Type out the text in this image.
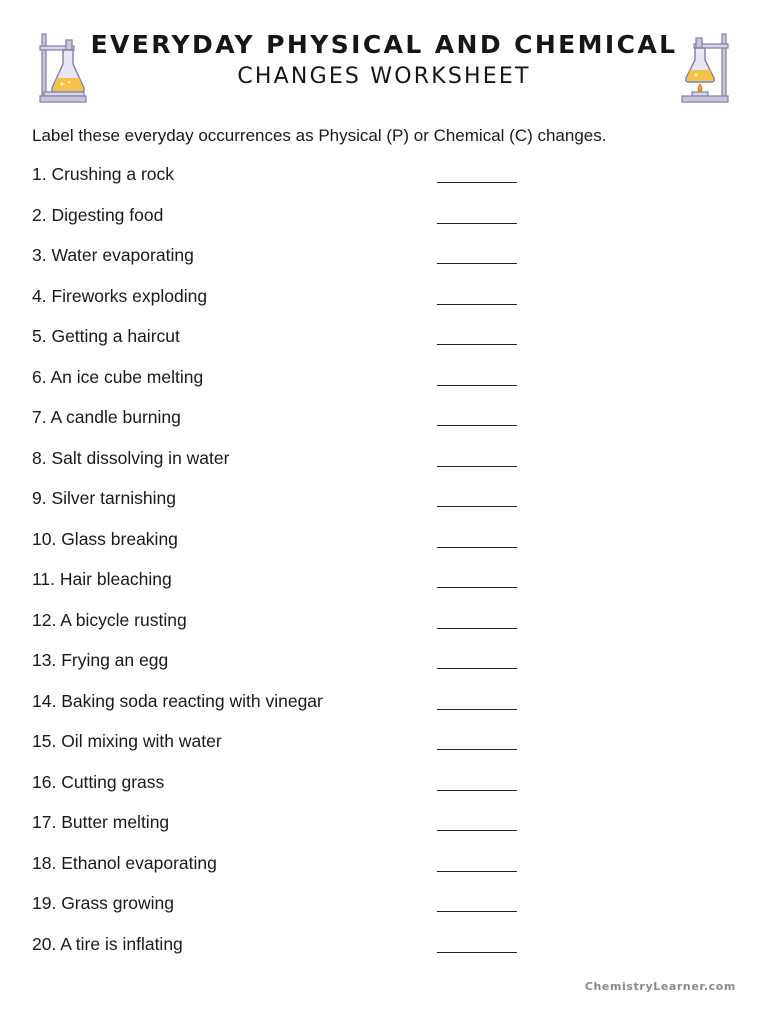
EVERYDAY PHYSICAL AND CHEMICAL
CHANGES WORKSHEET
Label these everyday occurrences as Physical (P) or Chemical (C) changes.
1. Crushing a rock
2. Digesting food
3. Water evaporating
4. Fireworks exploding
5. Getting a haircut
6. An ice cube melting
7. A candle burning
8. Salt dissolving in water
9. Silver tarnishing
10. Glass breaking
11. Hair bleaching
12. A bicycle rusting
13. Frying an egg
14. Baking soda reacting with vinegar
15. Oil mixing with water
16. Cutting grass
17. Butter melting
18. Ethanol evaporating
19. Grass growing
20. A tire is inflating
ChemistryLearner.com
